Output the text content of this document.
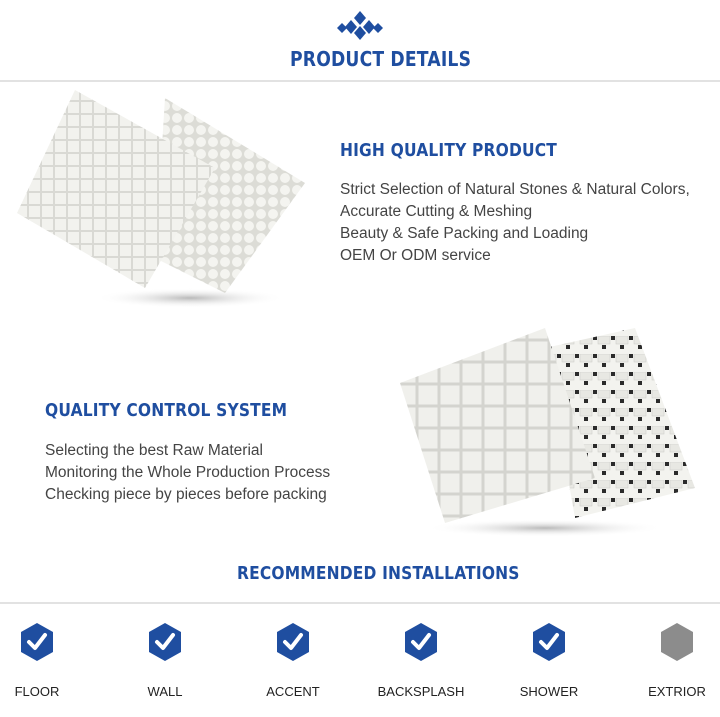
PRODUCT DETAILS
HIGH QUALITY PRODUCT
Strict Selection of Natural Stones & Natural Colors,
Accurate Cutting & Meshing
Beauty & Safe Packing and Loading
OEM Or ODM service
QUALITY CONTROL SYSTEM
Selecting the best Raw Material
Monitoring the Whole Production Process
Checking piece by pieces before packing
RECOMMENDED INSTALLATIONS
FLOOR	WALL	ACCENT	BACKSPLASH	SHOWER	EXTRIOR
